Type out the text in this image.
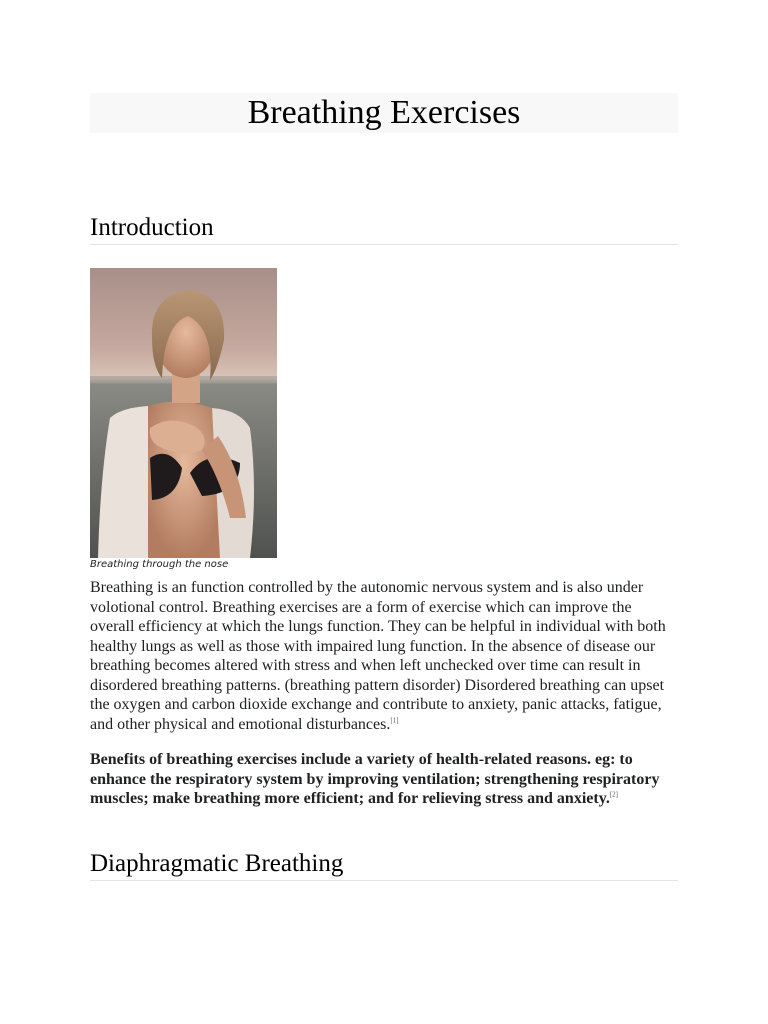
Breathing Exercises
Introduction
Breathing through the nose
Breathing is an function controlled by the autonomic nervous system and is also under volotional control. Breathing exercises are a form of exercise which can improve the overall efficiency at which the lungs function. They can be helpful in individual with both healthy lungs as well as those with impaired lung function. In the absence of disease our breathing becomes altered with stress and when left unchecked over time can result in disordered breathing patterns. (breathing pattern disorder) Disordered breathing can upset the oxygen and carbon dioxide exchange and contribute to anxiety, panic attacks, fatigue, and other physical and emotional disturbances.[1]
Benefits of breathing exercises include a variety of health-related reasons. eg: to enhance the respiratory system by improving ventilation; strengthening respiratory muscles; make breathing more efficient; and for relieving stress and anxiety.[2]
Diaphragmatic Breathing
